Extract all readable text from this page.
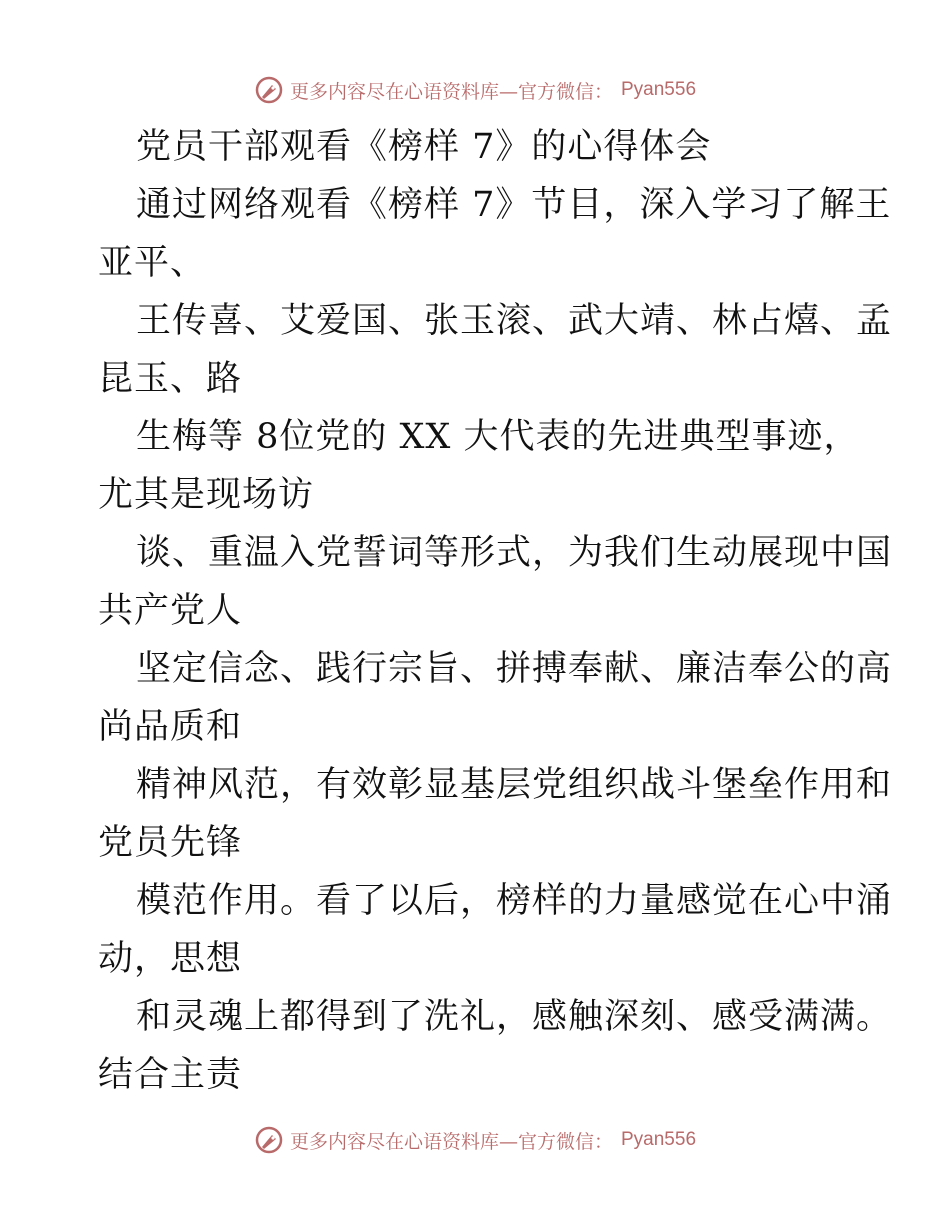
更多内容尽在心语资料库—官方微信： Pyan556
党员干部观看《榜样 7》的心得体会
通过网络观看《榜样 7》节目，深入学习了解王
亚平、
王传喜、艾爱国、张玉滚、武大靖、林占熺、孟
昆玉、路
生梅等 8位党的 XX 大代表的先进典型事迹，
尤其是现场访
谈、重温入党誓词等形式，为我们生动展现中国
共产党人
坚定信念、践行宗旨、拼搏奉献、廉洁奉公的高
尚品质和
精神风范，有效彰显基层党组织战斗堡垒作用和
党员先锋
模范作用。看了以后，榜样的力量感觉在心中涌
动，思想
和灵魂上都得到了洗礼，感触深刻、感受满满。
结合主责
更多内容尽在心语资料库—官方微信： Pyan556
